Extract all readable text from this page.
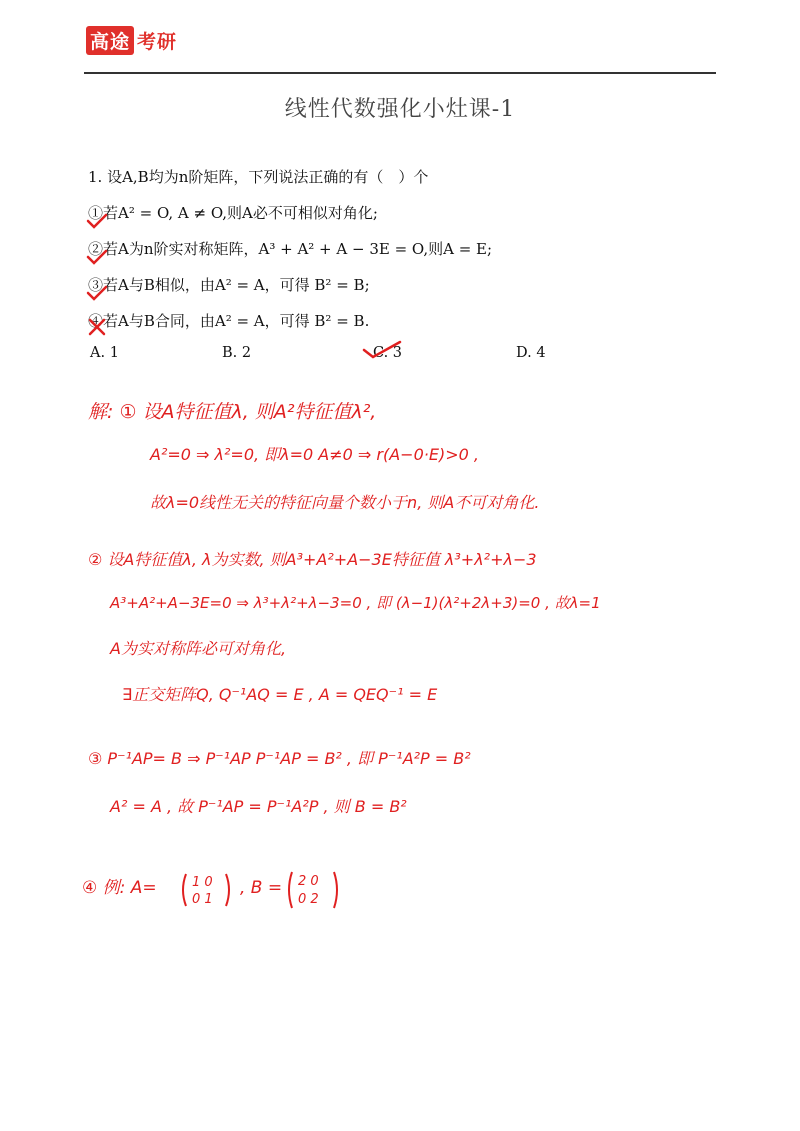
高途 考研
线性代数强化小灶课-1
1. 设A,B均为n阶矩阵，下列说法正确的有（　）个
①若A² = O, A ≠ O,则A必不可相似对角化;
②若A为n阶实对称矩阵，A³ + A² + A − 3E = O,则A = E;
③若A与B相似，由A² = A，可得 B² = B;
④若A与B合同，由A² = A，可得 B² = B.
A. 1	B. 2	C. 3	D. 4
解: ① 设A特征值λ, 则A²特征值λ²,
A²=0 ⇒ λ²=0, 即λ=0 A≠0 ⇒ r(A−0·E)>0 ,
故λ=0线性无关的特征向量个数小于n, 则A不可对角化.
② 设A特征值λ, λ为实数, 则A³+A²+A−3E特征值 λ³+λ²+λ−3
A³+A²+A−3E=0 ⇒ λ³+λ²+λ−3=0 , 即 (λ−1)(λ²+2λ+3)=0 , 故λ=1
A为实对称阵必可对角化,
∃正交矩阵Q, Q⁻¹AQ = E , A = QEQ⁻¹ = E
③ P⁻¹AP= B ⇒ P⁻¹AP P⁻¹AP = B² , 即 P⁻¹A²P = B²
A² = A , 故 P⁻¹AP = P⁻¹A²P , 则 B = B²
④ 例: A=	1 0
0 1
, B = 2 0
0 2
